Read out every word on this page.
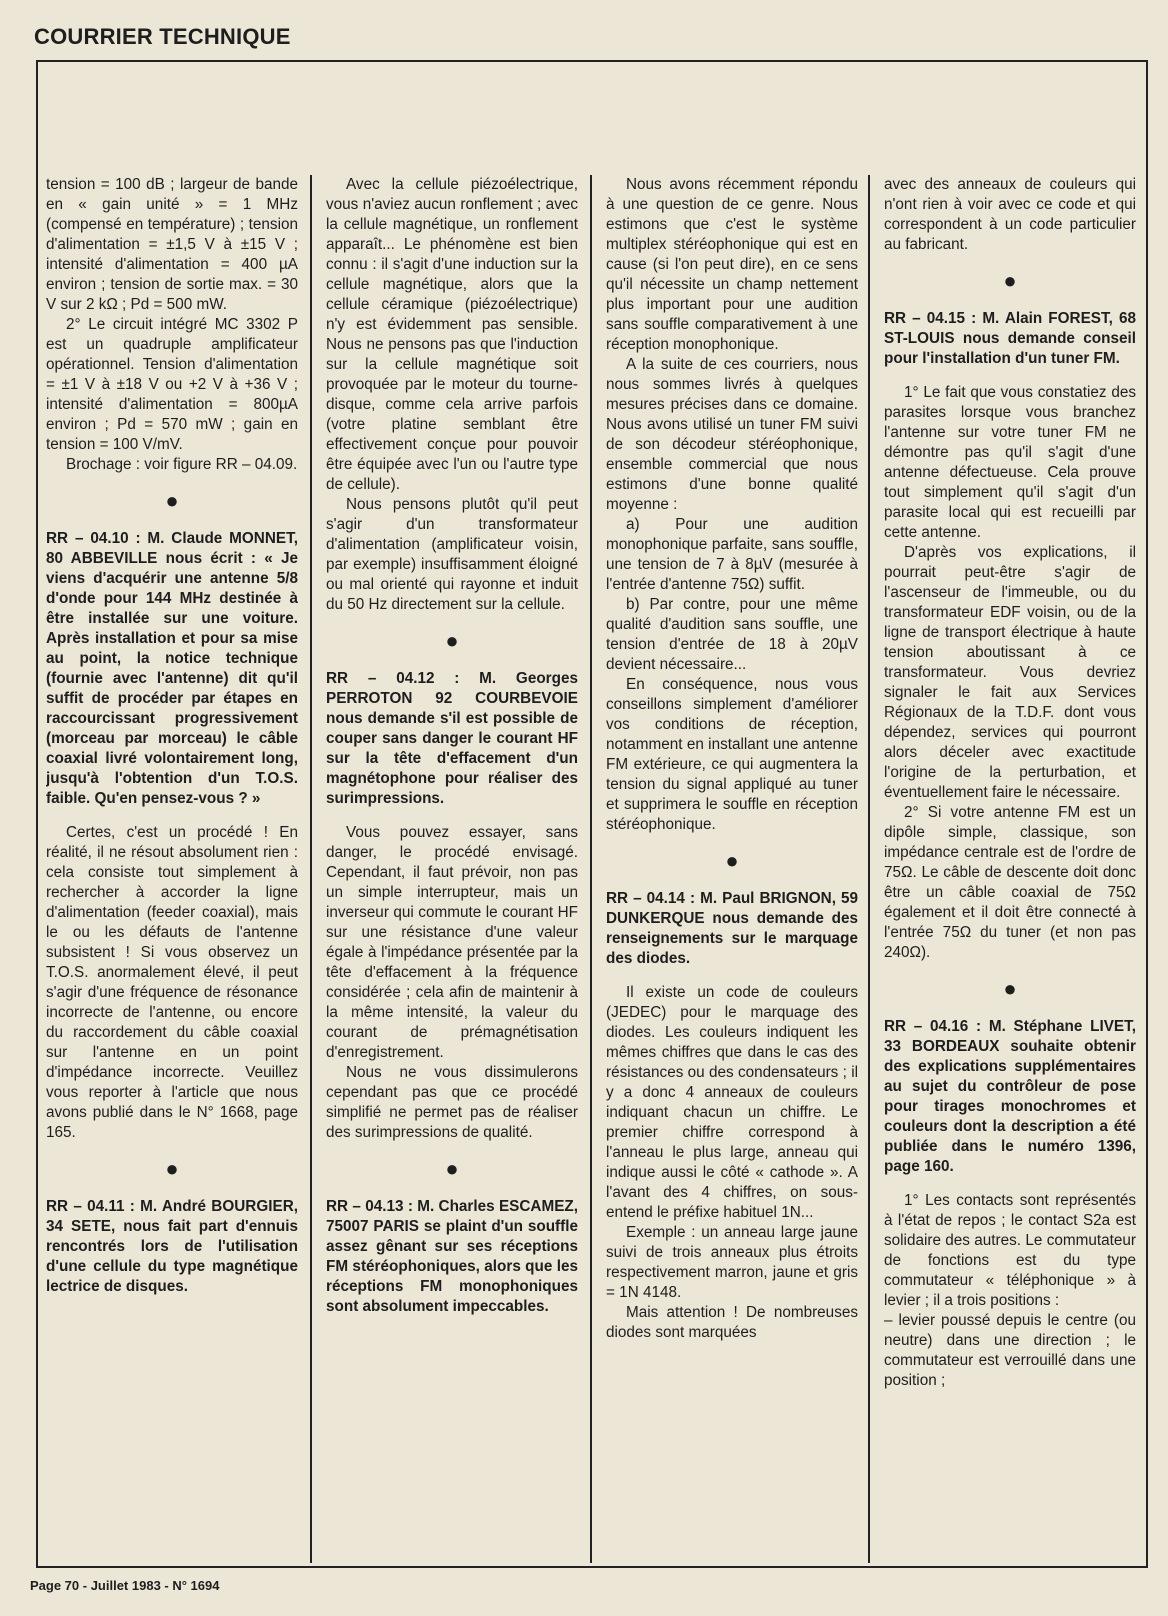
COURRIER TECHNIQUE

tension = 100 dB ; largeur de bande en « gain unité » = 1 MHz (compensé en température) ; tension d'alimentation = ±1,5 V à ±15 V ; intensité d'alimentation = 400 µA environ ; tension de sortie max. = 30 V sur 2 kΩ ; Pd = 500 mW.

2° Le circuit intégré MC 3302 P est un quadruple amplificateur opérationnel. Tension d'alimentation = ±1 V à ±18 V ou +2 V à +36 V ; intensité d'alimentation = 800µA environ ; Pd = 570 mW ; gain en tension = 100 V/mV.

Brochage : voir figure RR – 04.09.

●

RR – 04.10 : M. Claude MONNET, 80 ABBEVILLE nous écrit : « Je viens d'acquérir une antenne 5/8 d'onde pour 144 MHz destinée à être installée sur une voiture. Après installation et pour sa mise au point, la notice technique (fournie avec l'antenne) dit qu'il suffit de procéder par étapes en raccourcissant progressivement (morceau par morceau) le câble coaxial livré volontairement long, jusqu'à l'obtention d'un T.O.S. faible. Qu'en pensez-vous ? »

Certes, c'est un procédé ! En réalité, il ne résout absolument rien : cela consiste tout simplement à rechercher à accorder la ligne d'alimentation (feeder coaxial), mais le ou les défauts de l'antenne subsistent ! Si vous observez un T.O.S. anormalement élevé, il peut s'agir d'une fréquence de résonance incorrecte de l'antenne, ou encore du raccordement du câble coaxial sur l'antenne en un point d'impédance incorrecte. Veuillez vous reporter à l'article que nous avons publié dans le N° 1668, page 165.

●

RR – 04.11 : M. André BOURGIER, 34 SETE, nous fait part d'ennuis rencontrés lors de l'utilisation d'une cellule du type magnétique lectrice de disques.

Avec la cellule piézoélectrique, vous n'aviez aucun ronflement ; avec la cellule magnétique, un ronflement apparaît... Le phénomène est bien connu : il s'agit d'une induction sur la cellule magnétique, alors que la cellule céramique (piézoélectrique) n'y est évidemment pas sensible. Nous ne pensons pas que l'induction sur la cellule magnétique soit provoquée par le moteur du tourne-disque, comme cela arrive parfois (votre platine semblant être effectivement conçue pour pouvoir être équipée avec l'un ou l'autre type de cellule).

Nous pensons plutôt qu'il peut s'agir d'un transformateur d'alimentation (amplificateur voisin, par exemple) insuffisamment éloigné ou mal orienté qui rayonne et induit du 50 Hz directement sur la cellule.

●

RR – 04.12 : M. Georges PERROTON 92 COURBEVOIE nous demande s'il est possible de couper sans danger le courant HF sur la tête d'effacement d'un magnétophone pour réaliser des surimpressions.

Vous pouvez essayer, sans danger, le procédé envisagé. Cependant, il faut prévoir, non pas un simple interrupteur, mais un inverseur qui commute le courant HF sur une résistance d'une valeur égale à l'impédance présentée par la tête d'effacement à la fréquence considérée ; cela afin de maintenir à la même intensité, la valeur du courant de prémagnétisation d'enregistrement.

Nous ne vous dissimulerons cependant pas que ce procédé simplifié ne permet pas de réaliser des surimpressions de qualité.

●

RR – 04.13 : M. Charles ESCAMEZ, 75007 PARIS se plaint d'un souffle assez gênant sur ses réceptions FM stéréophoniques, alors que les réceptions FM monophoniques sont absolument impeccables.

Nous avons récemment répondu à une question de ce genre. Nous estimons que c'est le système multiplex stéréophonique qui est en cause (si l'on peut dire), en ce sens qu'il nécessite un champ nettement plus important pour une audition sans souffle comparativement à une réception monophonique.

A la suite de ces courriers, nous nous sommes livrés à quelques mesures précises dans ce domaine. Nous avons utilisé un tuner FM suivi de son décodeur stéréophonique, ensemble commercial que nous estimons d'une bonne qualité moyenne :

a) Pour une audition monophonique parfaite, sans souffle, une tension de 7 à 8µV (mesurée à l'entrée d'antenne 75Ω) suffit.

b) Par contre, pour une même qualité d'audition sans souffle, une tension d'entrée de 18 à 20µV devient nécessaire...

En conséquence, nous vous conseillons simplement d'améliorer vos conditions de réception, notamment en installant une antenne FM extérieure, ce qui augmentera la tension du signal appliqué au tuner et supprimera le souffle en réception stéréophonique.

●

RR – 04.14 : M. Paul BRIGNON, 59 DUNKERQUE nous demande des renseignements sur le marquage des diodes.

Il existe un code de couleurs (JEDEC) pour le marquage des diodes. Les couleurs indiquent les mêmes chiffres que dans le cas des résistances ou des condensateurs ; il y a donc 4 anneaux de couleurs indiquant chacun un chiffre. Le premier chiffre correspond à l'anneau le plus large, anneau qui indique aussi le côté « cathode ». A l'avant des 4 chiffres, on sous-entend le préfixe habituel 1N...

Exemple : un anneau large jaune suivi de trois anneaux plus étroits respectivement marron, jaune et gris = 1N 4148.

Mais attention ! De nombreuses diodes sont marquées

avec des anneaux de couleurs qui n'ont rien à voir avec ce code et qui correspondent à un code particulier au fabricant.

●

RR – 04.15 : M. Alain FOREST, 68 ST-LOUIS nous demande conseil pour l'installation d'un tuner FM.

1° Le fait que vous constatiez des parasites lorsque vous branchez l'antenne sur votre tuner FM ne démontre pas qu'il s'agit d'une antenne défectueuse. Cela prouve tout simplement qu'il s'agit d'un parasite local qui est recueilli par cette antenne.

D'après vos explications, il pourrait peut-être s'agir de l'ascenseur de l'immeuble, ou du transformateur EDF voisin, ou de la ligne de transport électrique à haute tension aboutissant à ce transformateur. Vous devriez signaler le fait aux Services Régionaux de la T.D.F. dont vous dépendez, services qui pourront alors déceler avec exactitude l'origine de la perturbation, et éventuellement faire le nécessaire.

2° Si votre antenne FM est un dipôle simple, classique, son impédance centrale est de l'ordre de 75Ω. Le câble de descente doit donc être un câble coaxial de 75Ω également et il doit être connecté à l'entrée 75Ω du tuner (et non pas 240Ω).

●

RR – 04.16 : M. Stéphane LIVET, 33 BORDEAUX souhaite obtenir des explications supplémentaires au sujet du contrôleur de pose pour tirages monochromes et couleurs dont la description a été publiée dans le numéro 1396, page 160.

1° Les contacts sont représentés à l'état de repos ; le contact S2a est solidaire des autres. Le commutateur de fonctions est du type commutateur « téléphonique » à levier ; il a trois positions :

– levier poussé depuis le centre (ou neutre) dans une direction ; le commutateur est verrouillé dans une position ;

Page 70 - Juillet 1983 - N° 1694
